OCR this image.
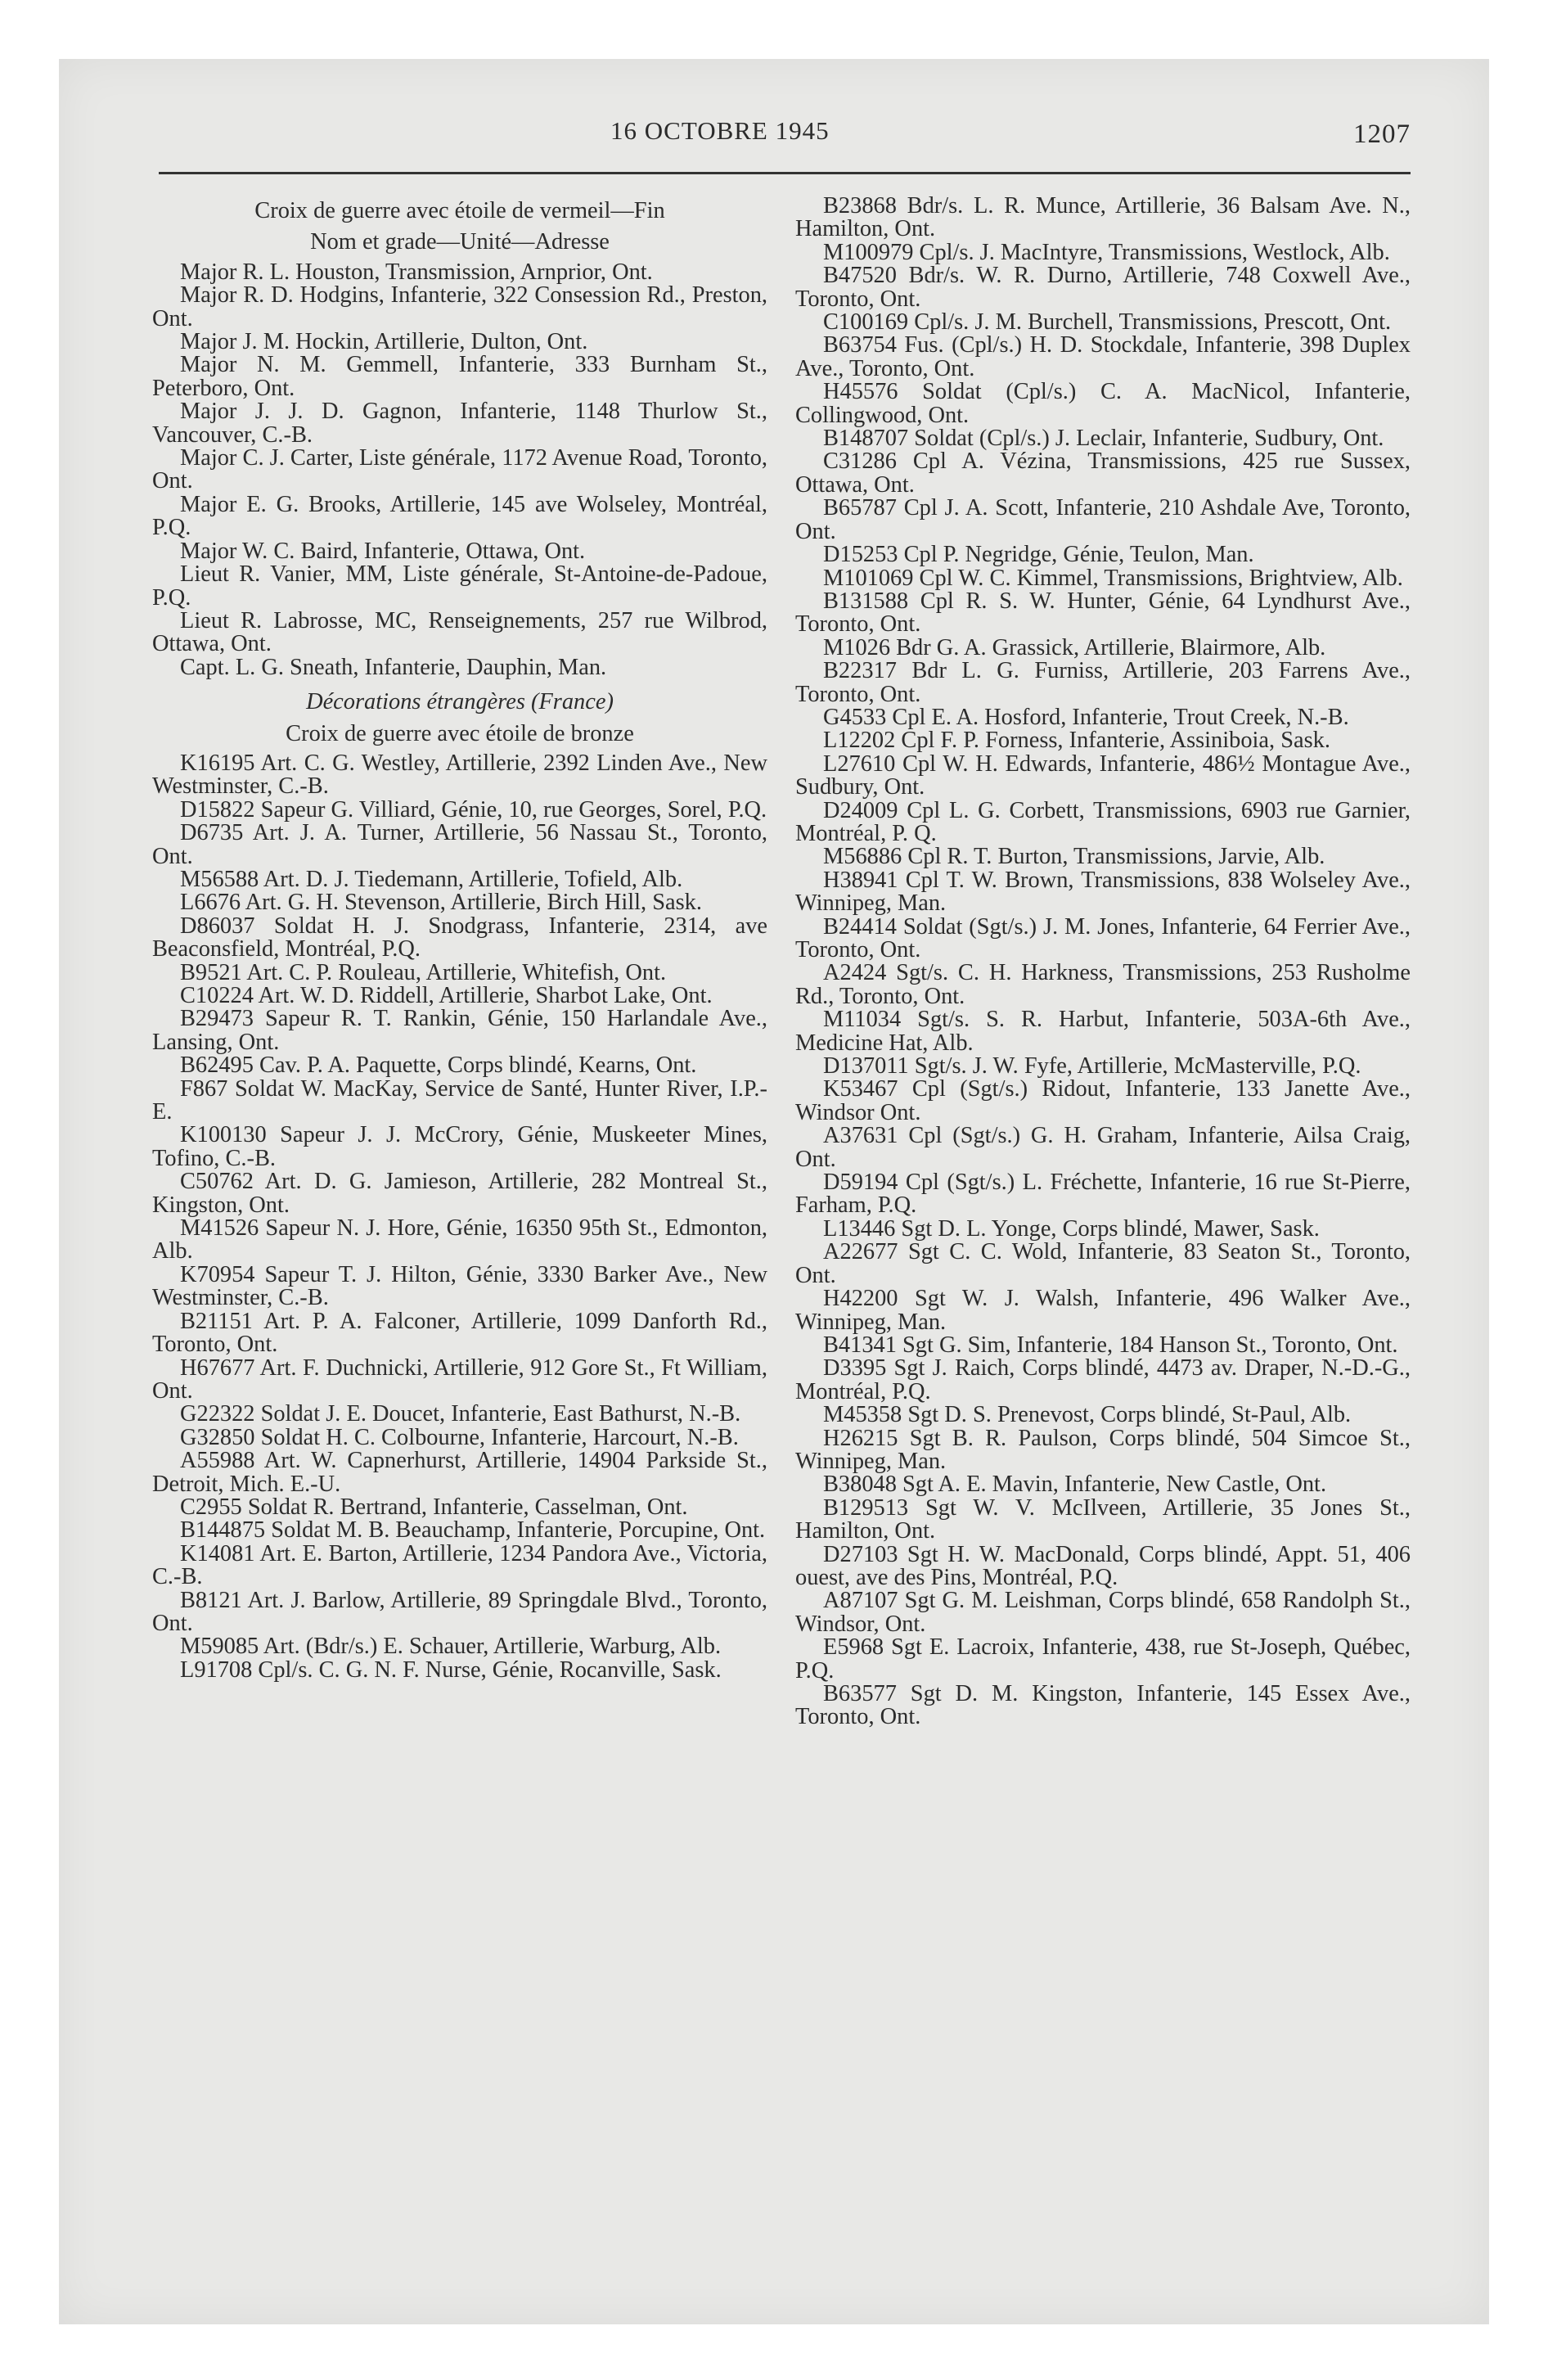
16 OCTOBRE 1945	1207

Croix de guerre avec étoile de vermeil—Fin

Nom et grade—Unité—Adresse

Major R. L. Houston, Transmission, Arnprior, Ont.

Major R. D. Hodgins, Infanterie, 322 Consession Rd., Preston, Ont.

Major J. M. Hockin, Artillerie, Dulton, Ont.

Major N. M. Gemmell, Infanterie, 333 Burnham St., Peterboro, Ont.

Major J. J. D. Gagnon, Infanterie, 1148 Thurlow St., Vancouver, C.-B.

Major C. J. Carter, Liste générale, 1172 Avenue Road, Toronto, Ont.

Major E. G. Brooks, Artillerie, 145 ave Wolseley, Montréal, P.Q.

Major W. C. Baird, Infanterie, Ottawa, Ont.

Lieut R. Vanier, MM, Liste générale, St-Antoine-de-Padoue, P.Q.

Lieut R. Labrosse, MC, Renseignements, 257 rue Wilbrod, Ottawa, Ont.

Capt. L. G. Sneath, Infanterie, Dauphin, Man.

Décorations étrangères (France)

Croix de guerre avec étoile de bronze

K16195 Art. C. G. Westley, Artillerie, 2392 Linden Ave., New Westminster, C.-B.

D15822 Sapeur G. Villiard, Génie, 10, rue Georges, Sorel, P.Q.

D6735 Art. J. A. Turner, Artillerie, 56 Nassau St., Toronto, Ont.

M56588 Art. D. J. Tiedemann, Artillerie, Tofield, Alb.

L6676 Art. G. H. Stevenson, Artillerie, Birch Hill, Sask.

D86037 Soldat H. J. Snodgrass, Infanterie, 2314, ave Beaconsfield, Montréal, P.Q.

B9521 Art. C. P. Rouleau, Artillerie, Whitefish, Ont.

C10224 Art. W. D. Riddell, Artillerie, Sharbot Lake, Ont.

B29473 Sapeur R. T. Rankin, Génie, 150 Harlandale Ave., Lansing, Ont.

B62495 Cav. P. A. Paquette, Corps blindé, Kearns, Ont.

F867 Soldat W. MacKay, Service de Santé, Hunter River, I.P.-E.

K100130 Sapeur J. J. McCrory, Génie, Muskeeter Mines, Tofino, C.-B.

C50762 Art. D. G. Jamieson, Artillerie, 282 Montreal St., Kingston, Ont.

M41526 Sapeur N. J. Hore, Génie, 16350 95th St., Edmonton, Alb.

K70954 Sapeur T. J. Hilton, Génie, 3330 Barker Ave., New Westminster, C.-B.

B21151 Art. P. A. Falconer, Artillerie, 1099 Danforth Rd., Toronto, Ont.

H67677 Art. F. Duchnicki, Artillerie, 912 Gore St., Ft William, Ont.

G22322 Soldat J. E. Doucet, Infanterie, East Bathurst, N.-B.

G32850 Soldat H. C. Colbourne, Infanterie, Harcourt, N.-B.

A55988 Art. W. Capnerhurst, Artillerie, 14904 Parkside St., Detroit, Mich. E.-U.

C2955 Soldat R. Bertrand, Infanterie, Casselman, Ont.

B144875 Soldat M. B. Beauchamp, Infanterie, Porcupine, Ont.

K14081 Art. E. Barton, Artillerie, 1234 Pandora Ave., Victoria, C.-B.

B8121 Art. J. Barlow, Artillerie, 89 Springdale Blvd., Toronto, Ont.

M59085 Art. (Bdr/s.) E. Schauer, Artillerie, Warburg, Alb.

L91708 Cpl/s. C. G. N. F. Nurse, Génie, Rocanville, Sask.

B23868 Bdr/s. L. R. Munce, Artillerie, 36 Balsam Ave. N., Hamilton, Ont.

M100979 Cpl/s. J. MacIntyre, Transmissions, Westlock, Alb.

B47520 Bdr/s. W. R. Durno, Artillerie, 748 Coxwell Ave., Toronto, Ont.

C100169 Cpl/s. J. M. Burchell, Transmissions, Prescott, Ont.

B63754 Fus. (Cpl/s.) H. D. Stockdale, Infanterie, 398 Duplex Ave., Toronto, Ont.

H45576 Soldat (Cpl/s.) C. A. MacNicol, Infanterie, Collingwood, Ont.

B148707 Soldat (Cpl/s.) J. Leclair, Infanterie, Sudbury, Ont.

C31286 Cpl A. Vézina, Transmissions, 425 rue Sussex, Ottawa, Ont.

B65787 Cpl J. A. Scott, Infanterie, 210 Ashdale Ave, Toronto, Ont.

D15253 Cpl P. Negridge, Génie, Teulon, Man.

M101069 Cpl W. C. Kimmel, Transmissions, Brightview, Alb.

B131588 Cpl R. S. W. Hunter, Génie, 64 Lyndhurst Ave., Toronto, Ont.

M1026 Bdr G. A. Grassick, Artillerie, Blairmore, Alb.

B22317 Bdr L. G. Furniss, Artillerie, 203 Farrens Ave., Toronto, Ont.

G4533 Cpl E. A. Hosford, Infanterie, Trout Creek, N.-B.

L12202 Cpl F. P. Forness, Infanterie, Assiniboia, Sask.

L27610 Cpl W. H. Edwards, Infanterie, 486½ Montague Ave., Sudbury, Ont.

D24009 Cpl L. G. Corbett, Transmissions, 6903 rue Garnier, Montréal, P. Q.

M56886 Cpl R. T. Burton, Transmissions, Jarvie, Alb.

H38941 Cpl T. W. Brown, Transmissions, 838 Wolseley Ave., Winnipeg, Man.

B24414 Soldat (Sgt/s.) J. M. Jones, Infanterie, 64 Ferrier Ave., Toronto, Ont.

A2424 Sgt/s. C. H. Harkness, Transmissions, 253 Rusholme Rd., Toronto, Ont.

M11034 Sgt/s. S. R. Harbut, Infanterie, 503A-6th Ave., Medicine Hat, Alb.

D137011 Sgt/s. J. W. Fyfe, Artillerie, McMasterville, P.Q.

K53467 Cpl (Sgt/s.) Ridout, Infanterie, 133 Janette Ave., Windsor Ont.

A37631 Cpl (Sgt/s.) G. H. Graham, Infanterie, Ailsa Craig, Ont.

D59194 Cpl (Sgt/s.) L. Fréchette, Infanterie, 16 rue St-Pierre, Farham, P.Q.

L13446 Sgt D. L. Yonge, Corps blindé, Mawer, Sask.

A22677 Sgt C. C. Wold, Infanterie, 83 Seaton St., Toronto, Ont.

H42200 Sgt W. J. Walsh, Infanterie, 496 Walker Ave., Winnipeg, Man.

B41341 Sgt G. Sim, Infanterie, 184 Hanson St., Toronto, Ont.

D3395 Sgt J. Raich, Corps blindé, 4473 av. Draper, N.-D.-G., Montréal, P.Q.

M45358 Sgt D. S. Prenevost, Corps blindé, St-Paul, Alb.

H26215 Sgt B. R. Paulson, Corps blindé, 504 Simcoe St., Winnipeg, Man.

B38048 Sgt A. E. Mavin, Infanterie, New Castle, Ont.

B129513 Sgt W. V. McIlveen, Artillerie, 35 Jones St., Hamilton, Ont.

D27103 Sgt H. W. MacDonald, Corps blindé, Appt. 51, 406 ouest, ave des Pins, Montréal, P.Q.

A87107 Sgt G. M. Leishman, Corps blindé, 658 Randolph St., Windsor, Ont.

E5968 Sgt E. Lacroix, Infanterie, 438, rue St-Joseph, Québec, P.Q.

B63577 Sgt D. M. Kingston, Infanterie, 145 Essex Ave., Toronto, Ont.
